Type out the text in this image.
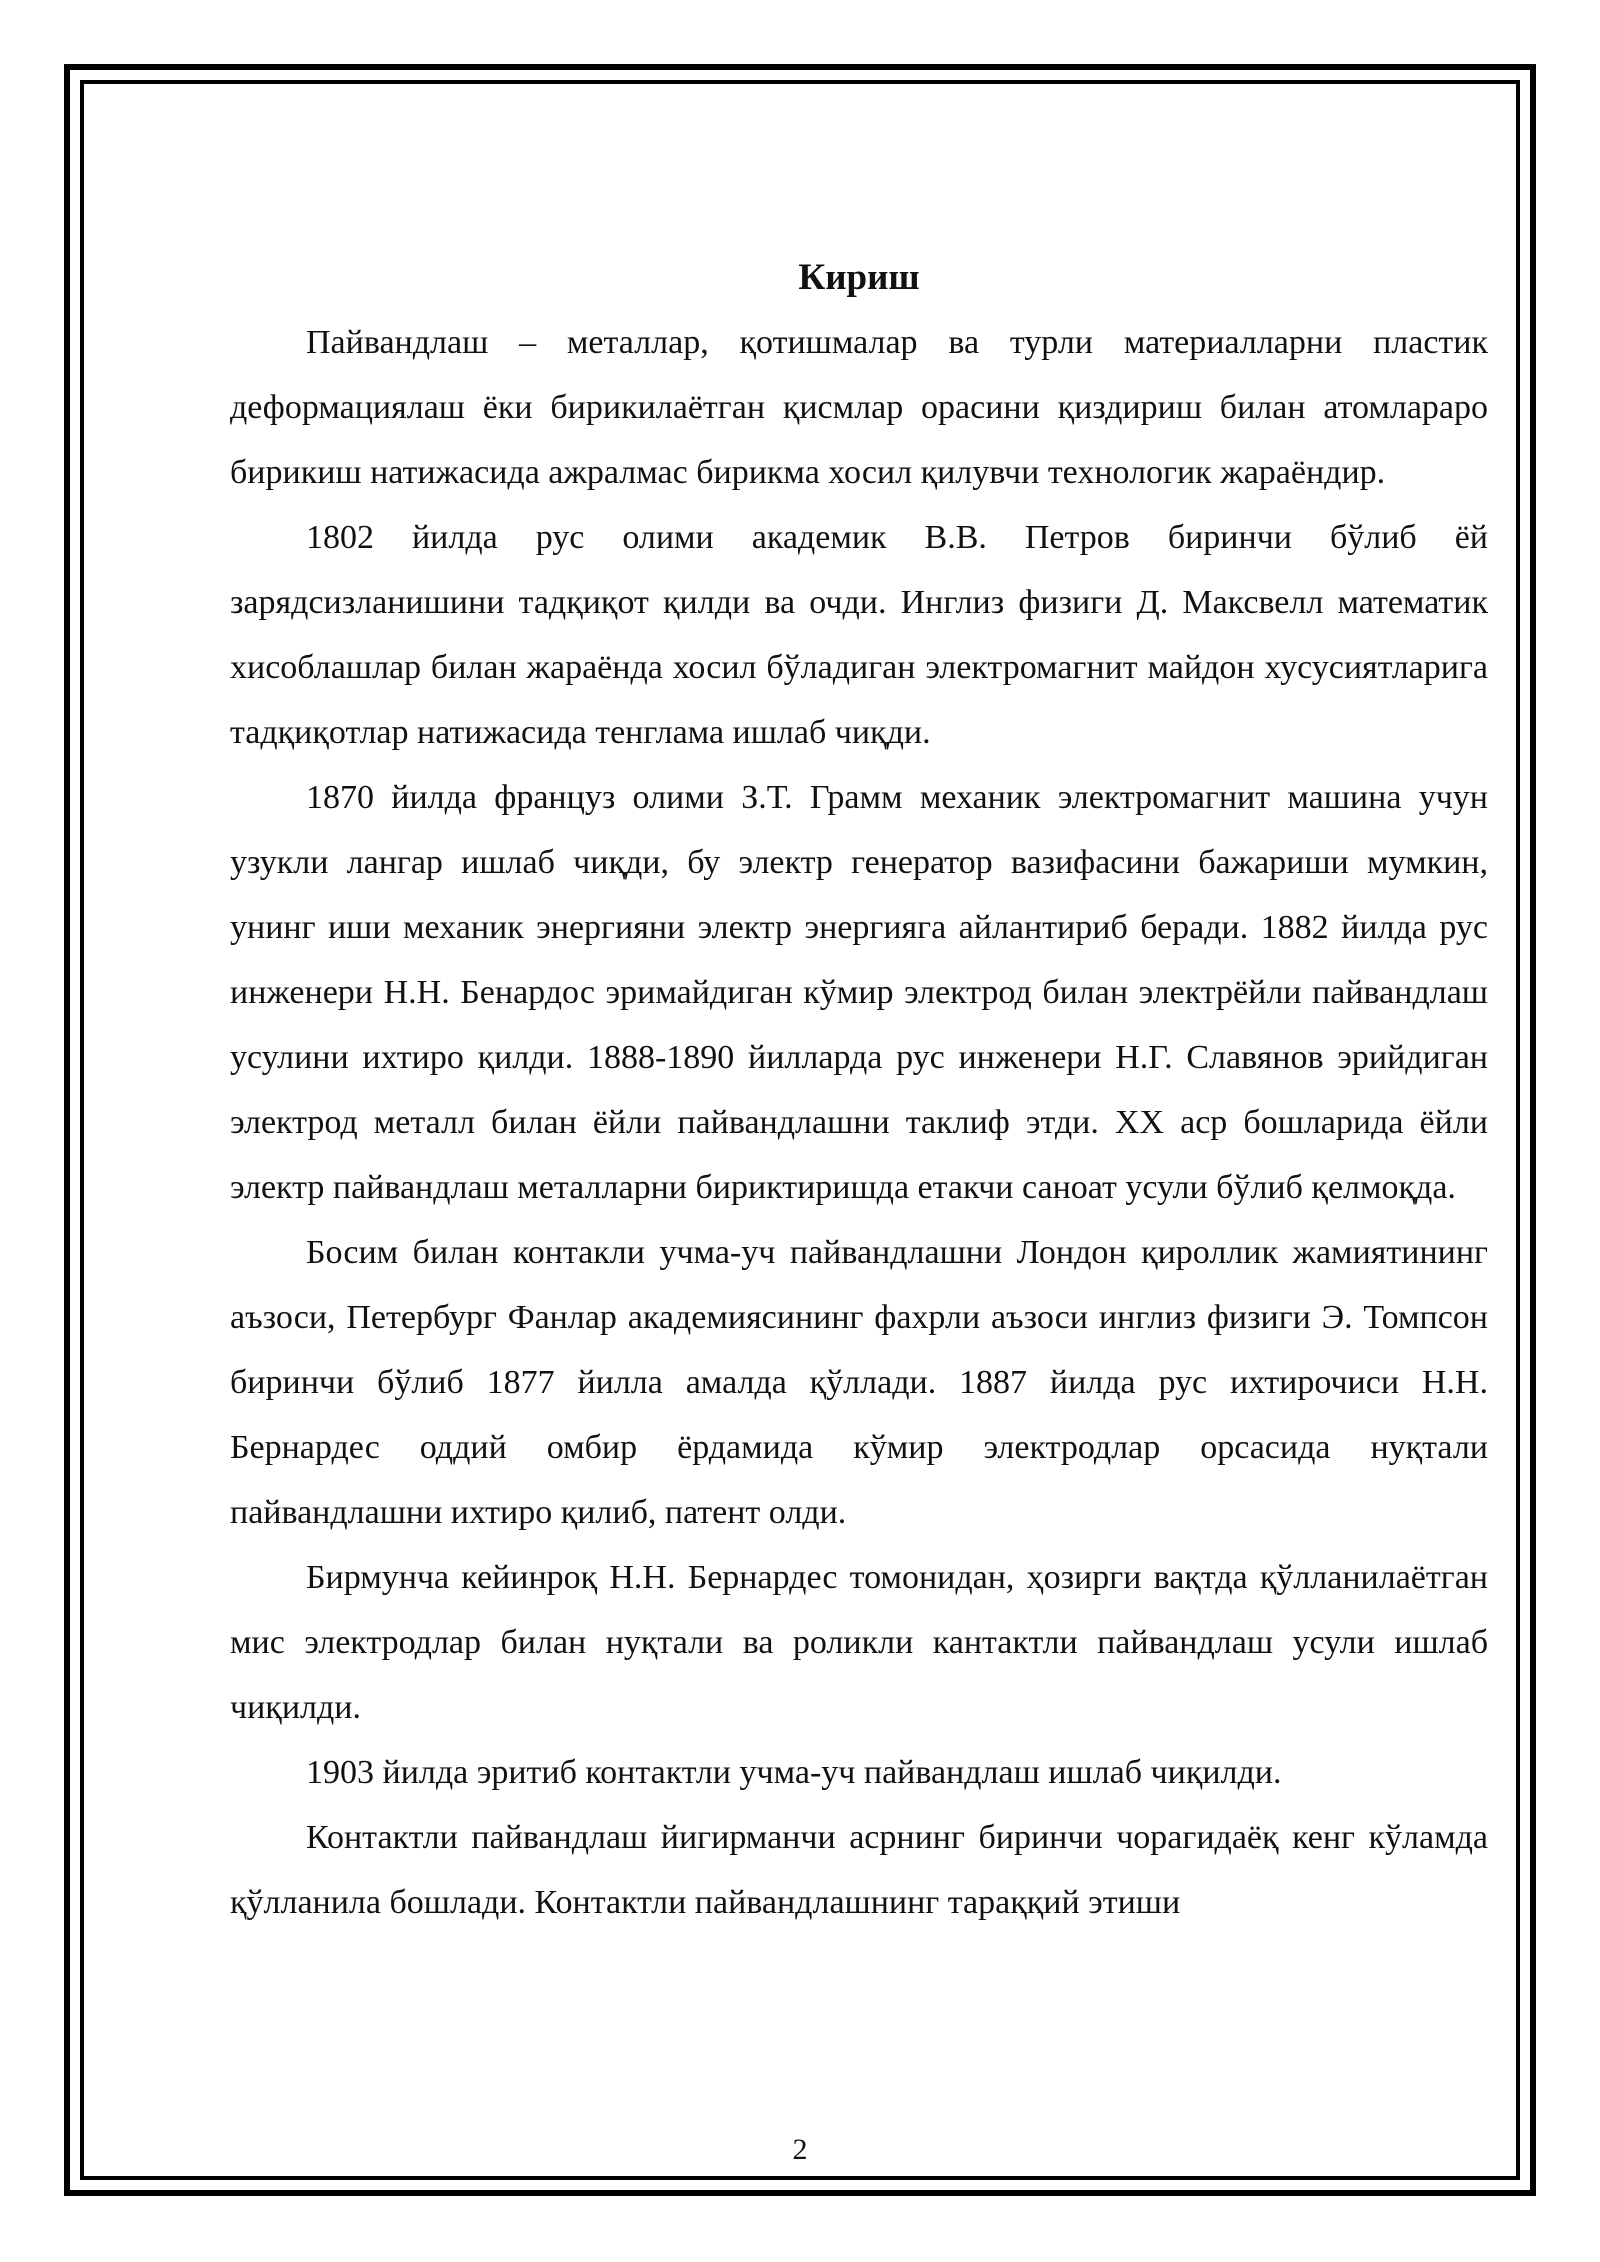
Кириш

Пайвандлаш – металлар, қотишмалар ва турли материалларни пластик деформациялаш ёки бирикилаётган қисмлар орасини қиздириш билан атомлараро бирикиш натижасида ажралмас бирикма хосил қилувчи технологик жараёндир.

1802 йилда рус олими академик В.В. Петров биринчи бўлиб ёй зарядсизланишини тадқиқот қилди ва очди. Инглиз физиги Д. Максвелл математик хисоблашлар билан жараёнда хосил бўладиган электромагнит майдон хусусиятларига тадқиқотлар натижасида тенглама ишлаб чиқди.

1870 йилда француз олими З.Т. Грамм механик электромагнит машина учун узукли лангар ишлаб чиқди, бу электр генератор вазифасини бажариши мумкин, унинг иши механик энергияни электр энергияга айлантириб беради. 1882 йилда рус инженери Н.Н. Бенардос эримайдиган кўмир электрод билан электрёйли пайвандлаш усулини ихтиро қилди. 1888-1890 йилларда рус инженери Н.Г. Славянов эрийдиган электрод металл билан ёйли пайвандлашни таклиф этди. XX аср бошларида ёйли электр пайвандлаш металларни бириктиришда етакчи саноат усули бўлиб қелмоқда.

Босим билан контакли учма-уч пайвандлашни Лондон қироллик жамиятининг аъзоси, Петербург Фанлар академиясининг фахрли аъзоси инглиз физиги Э. Томпсон биринчи бўлиб 1877 йилла амалда қўллади. 1887 йилда рус ихтирочиси Н.Н. Бернардес оддий омбир ёрдамида кўмир электродлар орсасида нуқтали пайвандлашни ихтиро қилиб, патент олди.

Бирмунча кейинроқ Н.Н. Бернардес томонидан, ҳозирги вақтда қўлланилаётган мис электродлар билан нуқтали ва роликли кантактли пайвандлаш усули ишлаб чиқилди.

1903 йилда эритиб контактли учма-уч пайвандлаш ишлаб чиқилди.

Контактли пайвандлаш йигирманчи асрнинг биринчи чорагидаёқ кенг кўламда қўлланила бошлади. Контактли пайвандлашнинг тараққий этиши

2
